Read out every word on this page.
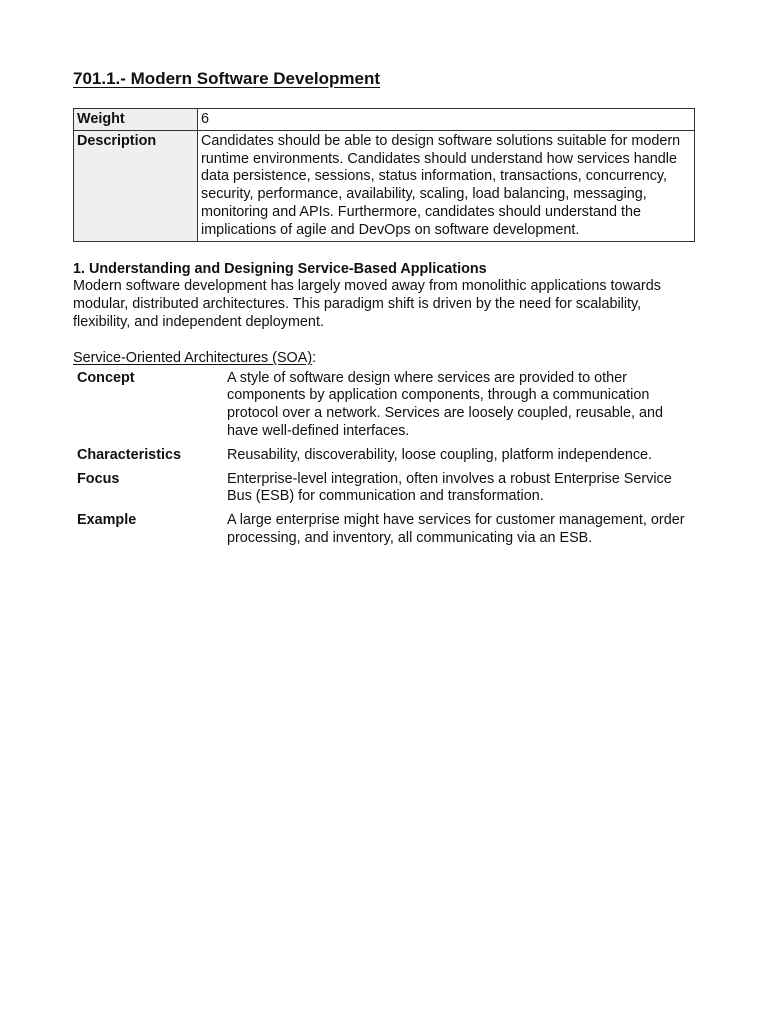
701.1.- Modern Software Development
Weight	6
Description	Candidates should be able to design software solutions suitable for modern runtime environments. Candidates should understand how services handle data persistence, sessions, status information, transactions, concurrency, security, performance, availability, scaling, load balancing, messaging, monitoring and APIs. Furthermore, candidates should understand the implications of agile and DevOps on software development.
1. Understanding and Designing Service-Based Applications

Modern software development has largely moved away from monolithic applications towards modular, distributed architectures. This paradigm shift is driven by the need for scalability, flexibility, and independent deployment.

Service-Oriented Architectures (SOA):
Concept	A style of software design where services are provided to other components by application components, through a communication protocol over a network. Services are loosely coupled, reusable, and have well-defined interfaces.
Characteristics	Reusability, discoverability, loose coupling, platform independence.
Focus	Enterprise-level integration, often involves a robust Enterprise Service Bus (ESB) for communication and transformation.
Example	A large enterprise might have services for customer management, order processing, and inventory, all communicating via an ESB.
